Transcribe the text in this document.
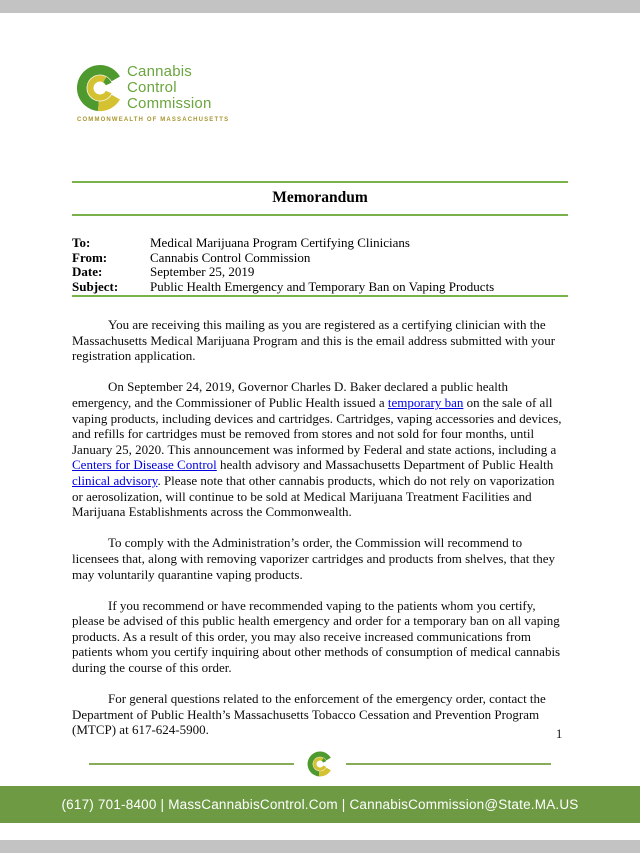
Cannabis
Control
Commission
COMMONWEALTH OF MASSACHUSETTS
Memorandum
To:	Medical Marijuana Program Certifying Clinicians
From:	Cannabis Control Commission
Date:	September 25, 2019
Subject:	Public Health Emergency and Temporary Ban on Vaping Products

You are receiving this mailing as you are registered as a certifying clinician with the Massachusetts Medical Marijuana Program and this is the email address submitted with your registration application.

On September 24, 2019, Governor Charles D. Baker declared a public health emergency, and the Commissioner of Public Health issued a temporary ban on the sale of all vaping products, including devices and cartridges. Cartridges, vaping accessories and devices, and refills for cartridges must be removed from stores and not sold for four months, until January 25, 2020. This announcement was informed by Federal and state actions, including a Centers for Disease Control health advisory and Massachusetts Department of Public Health clinical advisory. Please note that other cannabis products, which do not rely on vaporization or aerosolization, will continue to be sold at Medical Marijuana Treatment Facilities and Marijuana Establishments across the Commonwealth.

To comply with the Administration’s order, the Commission will recommend to licensees that, along with removing vaporizer cartridges and products from shelves, that they may voluntarily quarantine vaping products.

If you recommend or have recommended vaping to the patients whom you certify, please be advised of this public health emergency and order for a temporary ban on all vaping products. As a result of this order, you may also receive increased communications from patients whom you certify inquiring about other methods of consumption of medical cannabis during the course of this order.

For general questions related to the enforcement of the emergency order, contact the Department of Public Health’s Massachusetts Tobacco Cessation and Prevention Program (MTCP) at 617-624-5900.	1
(617) 701-8400 | MassCannabisControl.Com | CannabisCommission@State.MA.US
